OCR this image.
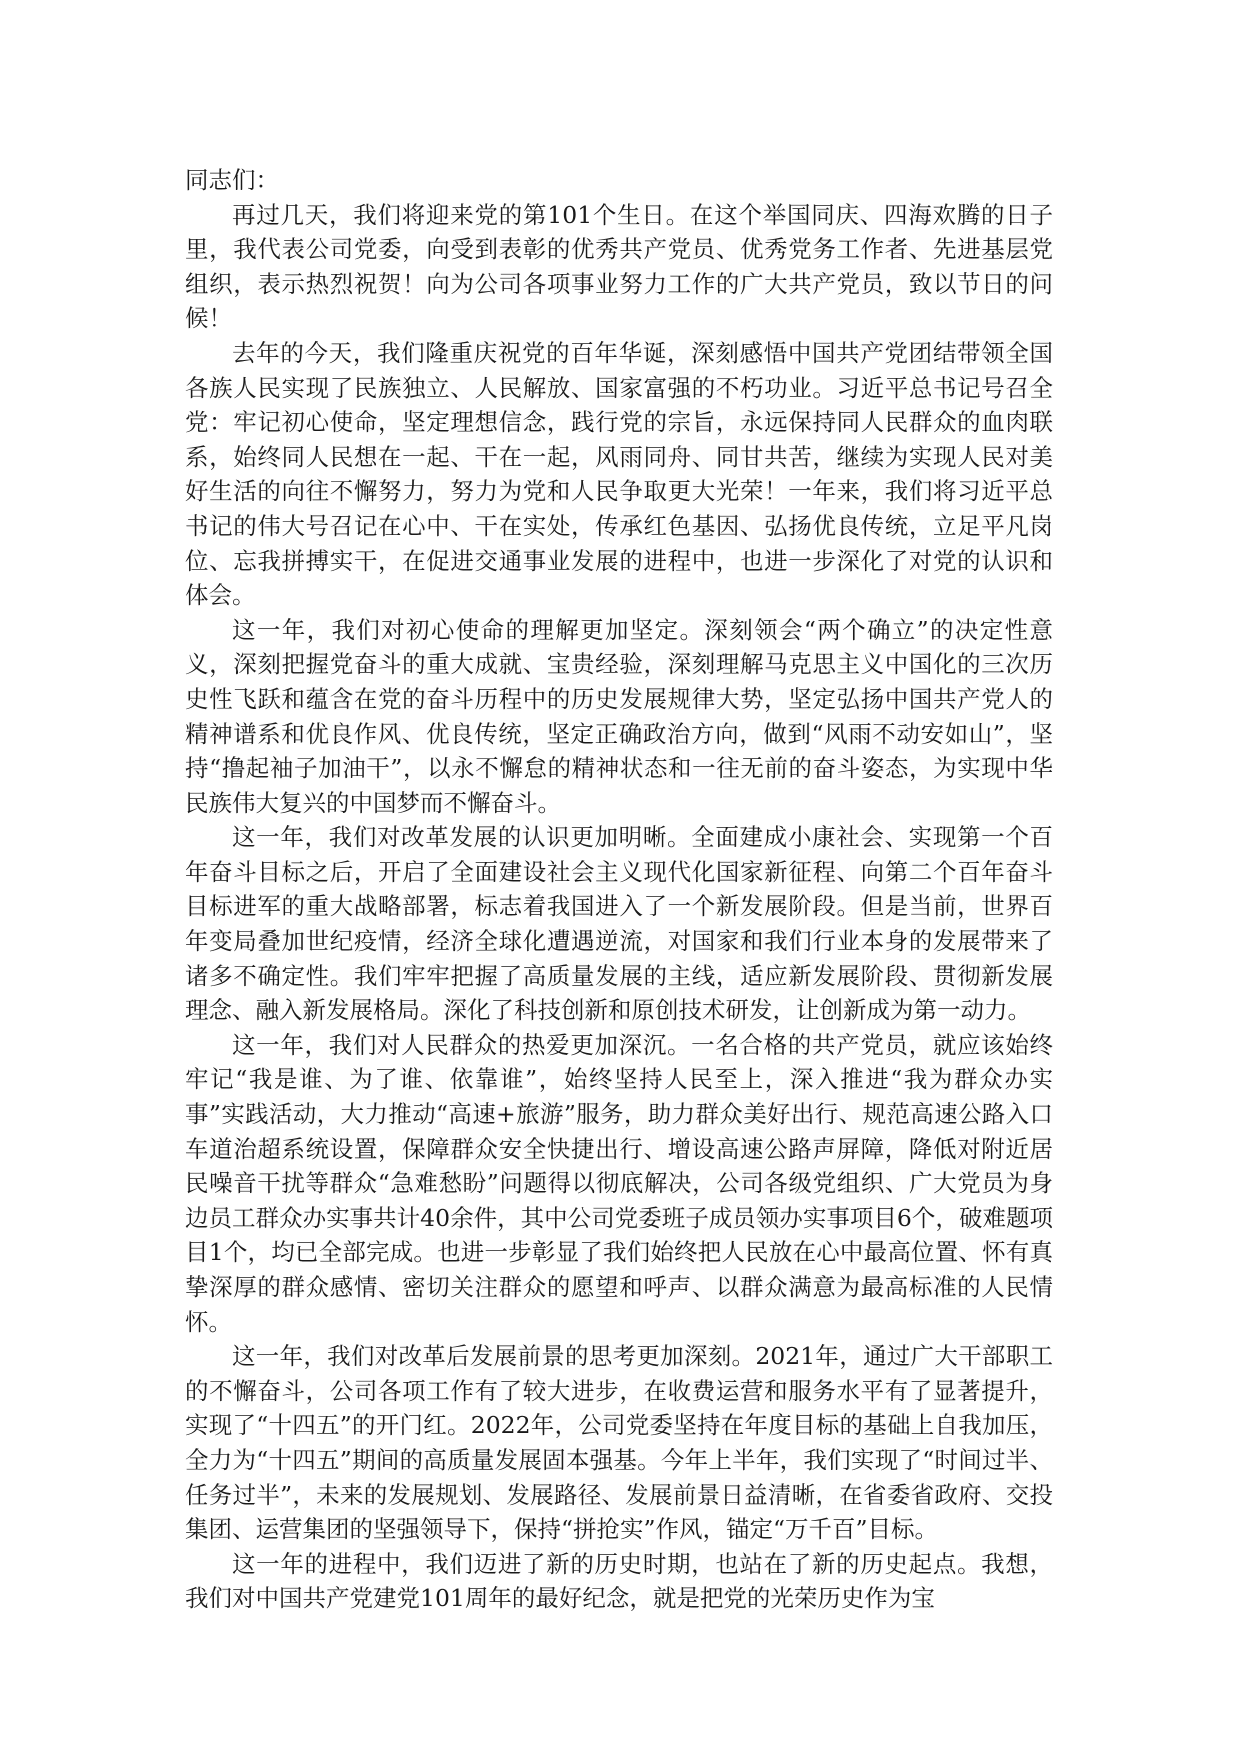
同志们：

再过几天，我们将迎来党的第101个生日。在这个举国同庆、四海欢腾的日子里，我代表公司党委，向受到表彰的优秀共产党员、优秀党务工作者、先进基层党组织，表示热烈祝贺！向为公司各项事业努力工作的广大共产党员，致以节日的问候！

去年的今天，我们隆重庆祝党的百年华诞，深刻感悟中国共产党团结带领全国各族人民实现了民族独立、人民解放、国家富强的不朽功业。习近平总书记号召全党：牢记初心使命，坚定理想信念，践行党的宗旨，永远保持同人民群众的血肉联系，始终同人民想在一起、干在一起，风雨同舟、同甘共苦，继续为实现人民对美好生活的向往不懈努力，努力为党和人民争取更大光荣！一年来，我们将习近平总书记的伟大号召记在心中、干在实处，传承红色基因、弘扬优良传统，立足平凡岗位、忘我拼搏实干，在促进交通事业发展的进程中，也进一步深化了对党的认识和体会。

这一年，我们对初心使命的理解更加坚定。深刻领会“两个确立”的决定性意义，深刻把握党奋斗的重大成就、宝贵经验，深刻理解马克思主义中国化的三次历史性飞跃和蕴含在党的奋斗历程中的历史发展规律大势，坚定弘扬中国共产党人的精神谱系和优良作风、优良传统，坚定正确政治方向，做到“风雨不动安如山”，坚持“撸起袖子加油干”，以永不懈怠的精神状态和一往无前的奋斗姿态，为实现中华民族伟大复兴的中国梦而不懈奋斗。

这一年，我们对改革发展的认识更加明晰。全面建成小康社会、实现第一个百年奋斗目标之后，开启了全面建设社会主义现代化国家新征程、向第二个百年奋斗目标进军的重大战略部署，标志着我国进入了一个新发展阶段。但是当前，世界百年变局叠加世纪疫情，经济全球化遭遇逆流，对国家和我们行业本身的发展带来了诸多不确定性。我们牢牢把握了高质量发展的主线，适应新发展阶段、贯彻新发展理念、融入新发展格局。深化了科技创新和原创技术研发，让创新成为第一动力。

这一年，我们对人民群众的热爱更加深沉。一名合格的共产党员，就应该始终牢记“我是谁、为了谁、依靠谁”，始终坚持人民至上，深入推进“我为群众办实事”实践活动，大力推动“高速+旅游”服务，助力群众美好出行、规范高速公路入口车道治超系统设置，保障群众安全快捷出行、增设高速公路声屏障，降低对附近居民噪音干扰等群众“急难愁盼”问题得以彻底解决，公司各级党组织、广大党员为身边员工群众办实事共计40余件，其中公司党委班子成员领办实事项目6个，破难题项目1个，均已全部完成。也进一步彰显了我们始终把人民放在心中最高位置、怀有真挚深厚的群众感情、密切关注群众的愿望和呼声、以群众满意为最高标准的人民情怀。

这一年，我们对改革后发展前景的思考更加深刻。2021年，通过广大干部职工的不懈奋斗，公司各项工作有了较大进步，在收费运营和服务水平有了显著提升，实现了“十四五”的开门红。2022年，公司党委坚持在年度目标的基础上自我加压，全力为“十四五”期间的高质量发展固本强基。今年上半年，我们实现了“时间过半、任务过半”，未来的发展规划、发展路径、发展前景日益清晰，在省委省政府、交投集团、运营集团的坚强领导下，保持“拼抢实”作风，锚定“万千百”目标。

这一年的进程中，我们迈进了新的历史时期，也站在了新的历史起点。我想，我们对中国共产党建党101周年的最好纪念，就是把党的光荣历史作为宝
